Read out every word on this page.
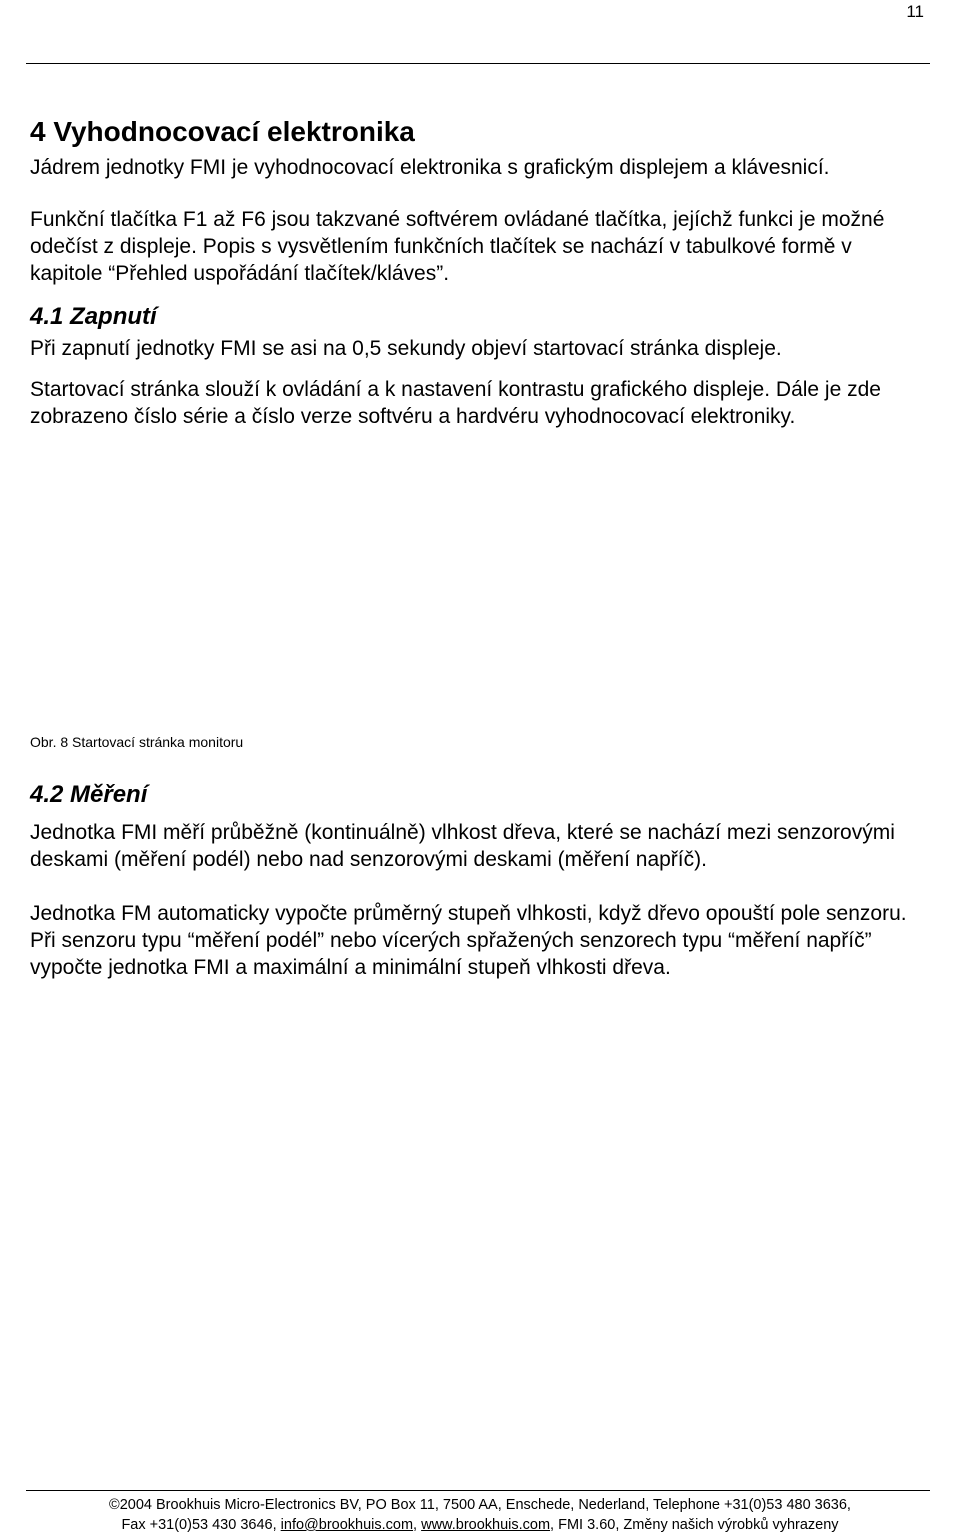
11
4 Vyhodnocovací elektronika

Jádrem jednotky FMI je vyhodnocovací elektronika s grafickým displejem a klávesnicí.

Funkční tlačítka F1 až F6 jsou takzvané softvérem ovládané tlačítka, jejíchž funkci je možné odečíst z displeje. Popis s vysvětlením funkčních tlačítek se nachází v tabulkové formě v kapitole “Přehled uspořádání tlačítek/kláves”.

4.1 Zapnutí

Při zapnutí jednotky FMI se asi na 0,5 sekundy objeví startovací stránka displeje.

Startovací stránka slouží k ovládání a k nastavení kontrastu grafického displeje. Dále je zde zobrazeno číslo série a číslo verze softvéru a hardvéru vyhodnocovací elektroniky.

Obr. 8 Startovací stránka monitoru

4.2 Měření

Jednotka FMI měří průběžně (kontinuálně) vlhkost dřeva, které se nachází mezi senzorovými deskami (měření podél) nebo nad senzorovými deskami (měření napříč).

Jednotka FM automaticky vypočte průměrný stupeň vlhkosti, když dřevo opouští pole senzoru. Při senzoru typu “měření podél” nebo vícerých spřažených senzorech typu “měření napříč” vypočte jednotka FMI a maximální a minimální stupeň vlhkosti dřeva.

©2004 Brookhuis Micro-Electronics BV, PO Box 11, 7500 AA, Enschede, Nederland, Telephone +31(0)53 480 3636,
Fax +31(0)53 430 3646, info@brookhuis.com, www.brookhuis.com, FMI 3.60, Změny našich výrobků vyhrazeny
